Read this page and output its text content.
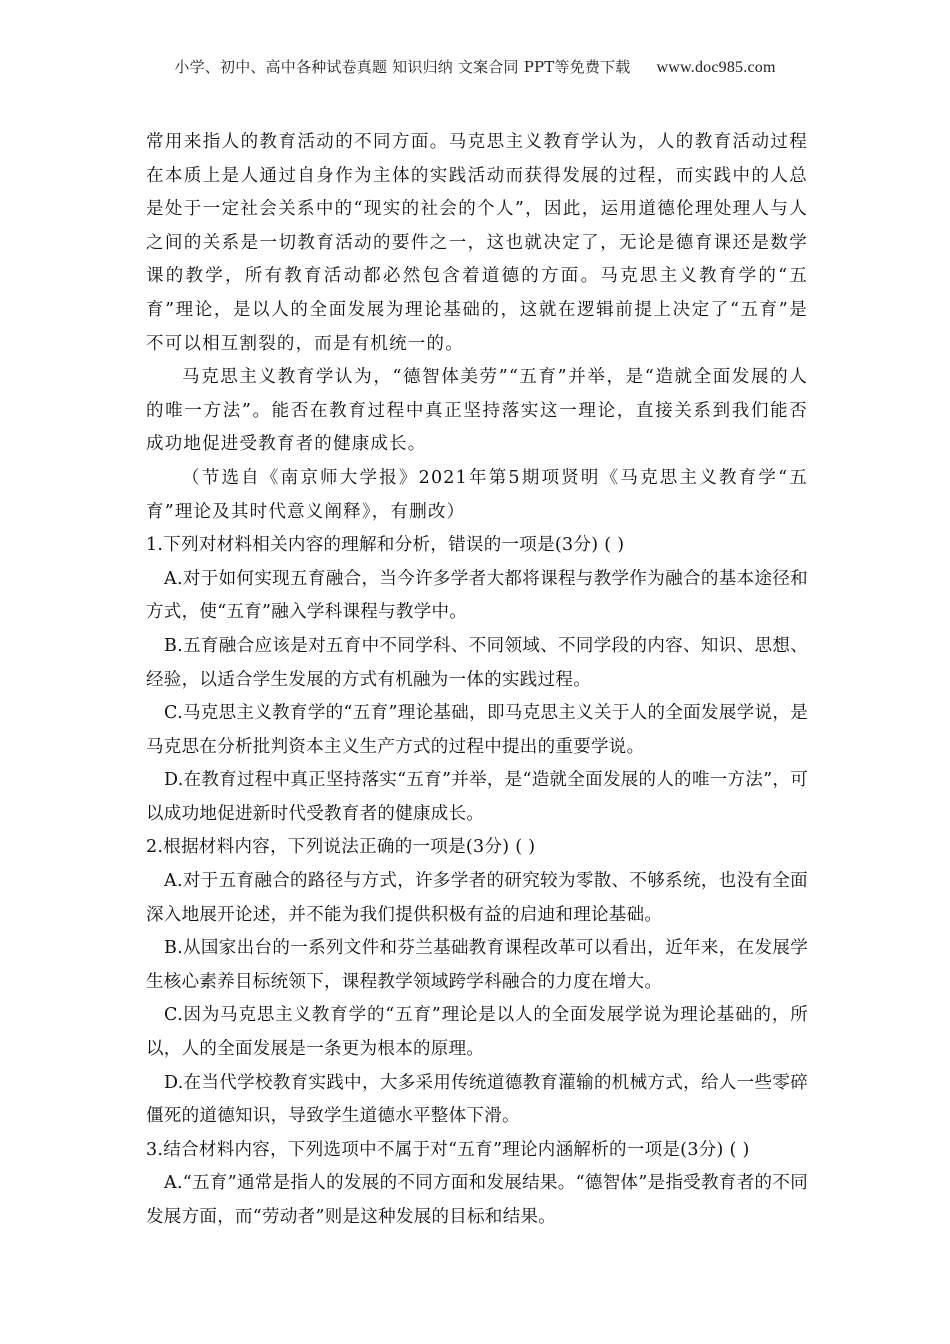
小学、初中、高中各种试卷真题 知识归纳 文案合同 PPT等免费下载 www.doc985.com

常用来指人的教育活动的不同方面。马克思主义教育学认为，人的教育活动过程在本质上是人通过自身作为主体的实践活动而获得发展的过程，而实践中的人总是处于一定社会关系中的“现实的社会的个人”，因此，运用道德伦理处理人与人之间的关系是一切教育活动的要件之一，这也就决定了，无论是德育课还是数学课的教学，所有教育活动都必然包含着道德的方面。马克思主义教育学的“五育”理论，是以人的全面发展为理论基础的，这就在逻辑前提上决定了“五育”是不可以相互割裂的，而是有机统一的。

马克思主义教育学认为，“德智体美劳”“五育”并举，是“造就全面发展的人的唯一方法”。能否在教育过程中真正坚持落实这一理论，直接关系到我们能否成功地促进受教育者的健康成长。

（节选自《南京师大学报》2021年第5期项贤明《马克思主义教育学“五育”理论及其时代意义阐释》，有删改）

1.下列对材料相关内容的理解和分析，错误的一项是(3分) ( )

A.对于如何实现五育融合，当今许多学者大都将课程与教学作为融合的基本途径和方式，使“五育”融入学科课程与教学中。

B.五育融合应该是对五育中不同学科、不同领域、不同学段的内容、知识、思想、经验，以适合学生发展的方式有机融为一体的实践过程。

C.马克思主义教育学的“五育”理论基础，即马克思主义关于人的全面发展学说，是马克思在分析批判资本主义生产方式的过程中提出的重要学说。

D.在教育过程中真正坚持落实“五育”并举，是“造就全面发展的人的唯一方法”，可以成功地促进新时代受教育者的健康成长。

2.根据材料内容，下列说法正确的一项是(3分) ( )

A.对于五育融合的路径与方式，许多学者的研究较为零散、不够系统，也没有全面深入地展开论述，并不能为我们提供积极有益的启迪和理论基础。

B.从国家出台的一系列文件和芬兰基础教育课程改革可以看出，近年来，在发展学生核心素养目标统领下，课程教学领域跨学科融合的力度在增大。

C.因为马克思主义教育学的“五育”理论是以人的全面发展学说为理论基础的，所以，人的全面发展是一条更为根本的原理。

D.在当代学校教育实践中，大多采用传统道德教育灌输的机械方式，给人一些零碎僵死的道德知识，导致学生道德水平整体下滑。

3.结合材料内容，下列选项中不属于对“五育”理论内涵解析的一项是(3分) ( )

A.“五育”通常是指人的发展的不同方面和发展结果。“德智体”是指受教育者的不同发展方面，而“劳动者”则是这种发展的目标和结果。
